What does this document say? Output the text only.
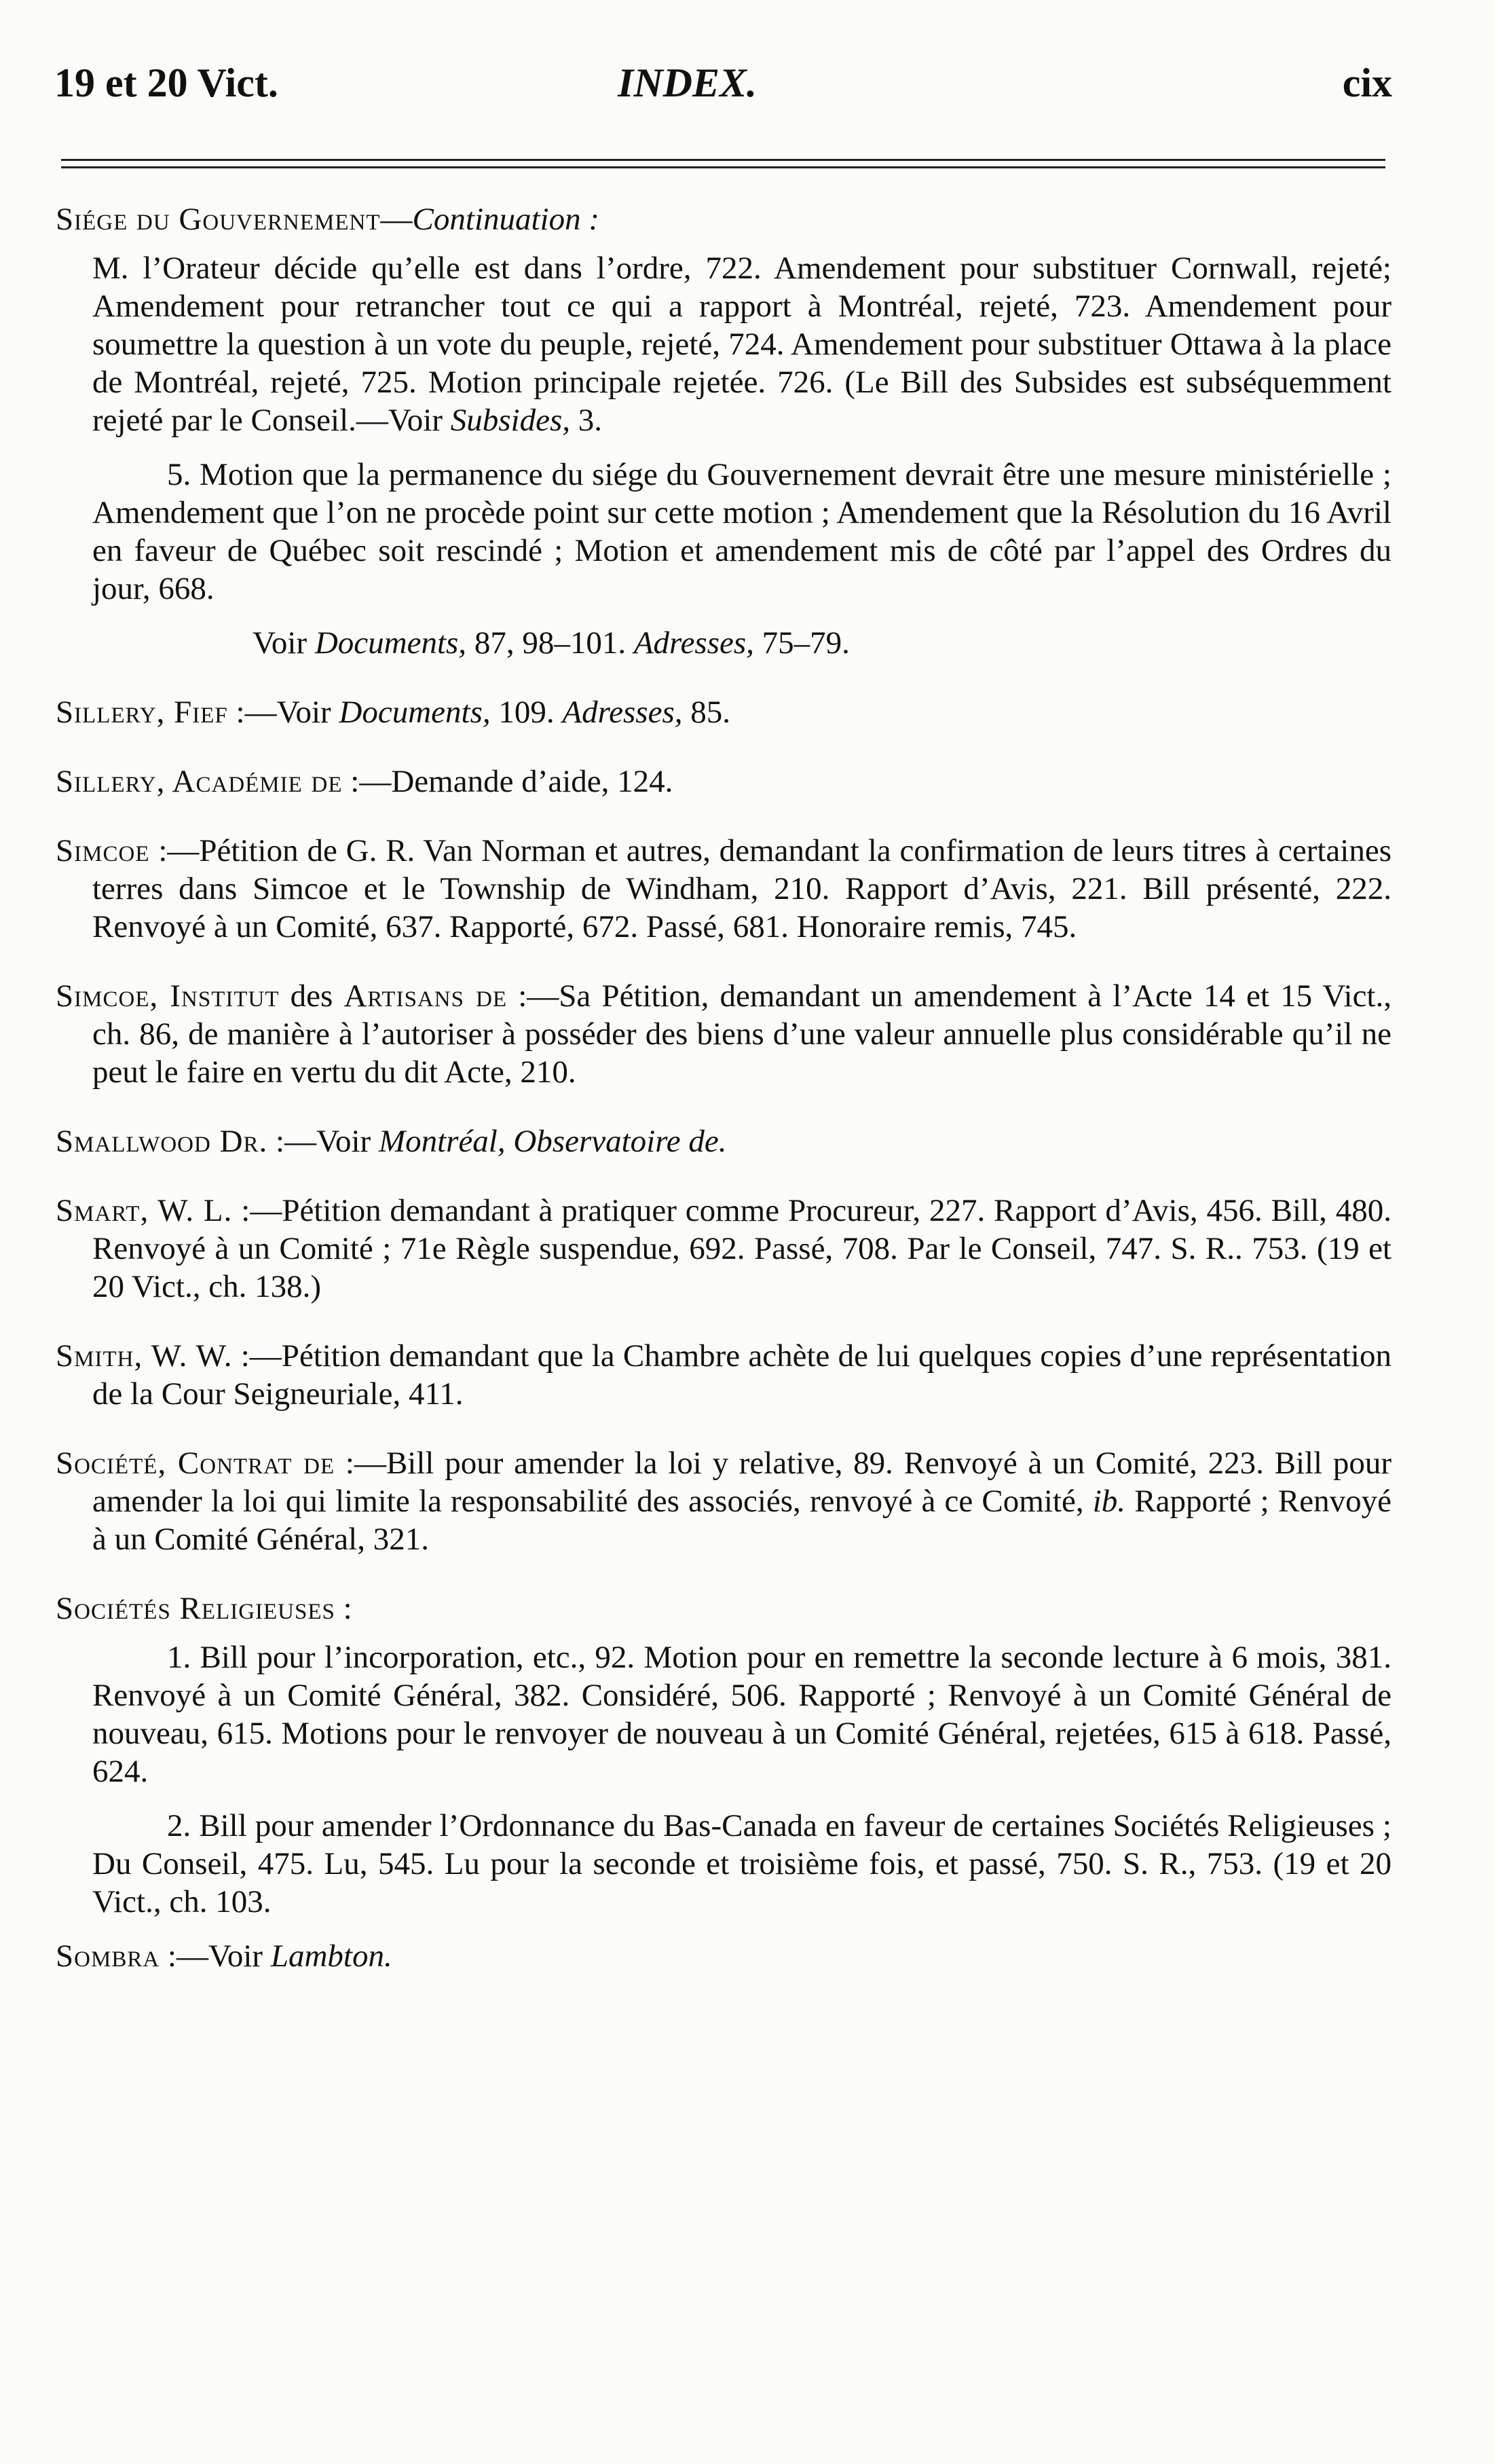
19 et 20 Vict.	INDEX.	cix
Siége du Gouvernement—Continuation :
M. l’Orateur décide qu’elle est dans l’ordre, 722. Amendement pour substituer Cornwall, rejeté; Amendement pour retrancher tout ce qui a rapport à Montréal, rejeté, 723. Amendement pour soumettre la question à un vote du peuple, rejeté, 724. Amendement pour substituer Ottawa à la place de Montréal, rejeté, 725. Motion principale rejetée. 726. (Le Bill des Subsides est subséquemment rejeté par le Conseil.—Voir Subsides, 3.
5. Motion que la permanence du siége du Gouvernement devrait être une mesure ministérielle ; Amendement que l’on ne procède point sur cette motion ; Amendement que la Résolution du 16 Avril en faveur de Québec soit rescindé ; Motion et amendement mis de côté par l’appel des Ordres du jour, 668.
Voir Documents, 87, 98–101. Adresses, 75–79.
Sillery, Fief :—Voir Documents, 109. Adresses, 85.
Sillery, Académie de :—Demande d’aide, 124.
Simcoe :—Pétition de G. R. Van Norman et autres, demandant la confirmation de leurs titres à certaines terres dans Simcoe et le Township de Windham, 210. Rapport d’Avis, 221. Bill présenté, 222. Renvoyé à un Comité, 637. Rapporté, 672. Passé, 681. Honoraire remis, 745.
Simcoe, Institut des Artisans de :—Sa Pétition, demandant un amendement à l’Acte 14 et 15 Vict., ch. 86, de manière à l’autoriser à posséder des biens d’une valeur annuelle plus considérable qu’il ne peut le faire en vertu du dit Acte, 210.
Smallwood Dr. :—Voir Montréal, Observatoire de.
Smart, W. L. :—Pétition demandant à pratiquer comme Procureur, 227. Rapport d’Avis, 456. Bill, 480. Renvoyé à un Comité ; 71e Règle suspendue, 692. Passé, 708. Par le Conseil, 747. S. R.. 753. (19 et 20 Vict., ch. 138.)
Smith, W. W. :—Pétition demandant que la Chambre achète de lui quelques copies d’une représentation de la Cour Seigneuriale, 411.
Société, Contrat de :—Bill pour amender la loi y relative, 89. Renvoyé à un Comité, 223. Bill pour amender la loi qui limite la responsabilité des associés, renvoyé à ce Comité, ib. Rapporté ; Renvoyé à un Comité Général, 321.
Sociétés Religieuses :
1. Bill pour l’incorporation, etc., 92. Motion pour en remettre la seconde lecture à 6 mois, 381. Renvoyé à un Comité Général, 382. Considéré, 506. Rapporté ; Renvoyé à un Comité Général de nouveau, 615. Motions pour le renvoyer de nouveau à un Comité Général, rejetées, 615 à 618. Passé, 624.
2. Bill pour amender l’Ordonnance du Bas-Canada en faveur de certaines Sociétés Religieuses ; Du Conseil, 475. Lu, 545. Lu pour la seconde et troisième fois, et passé, 750. S. R., 753. (19 et 20 Vict., ch. 103.
Sombra :—Voir Lambton.
